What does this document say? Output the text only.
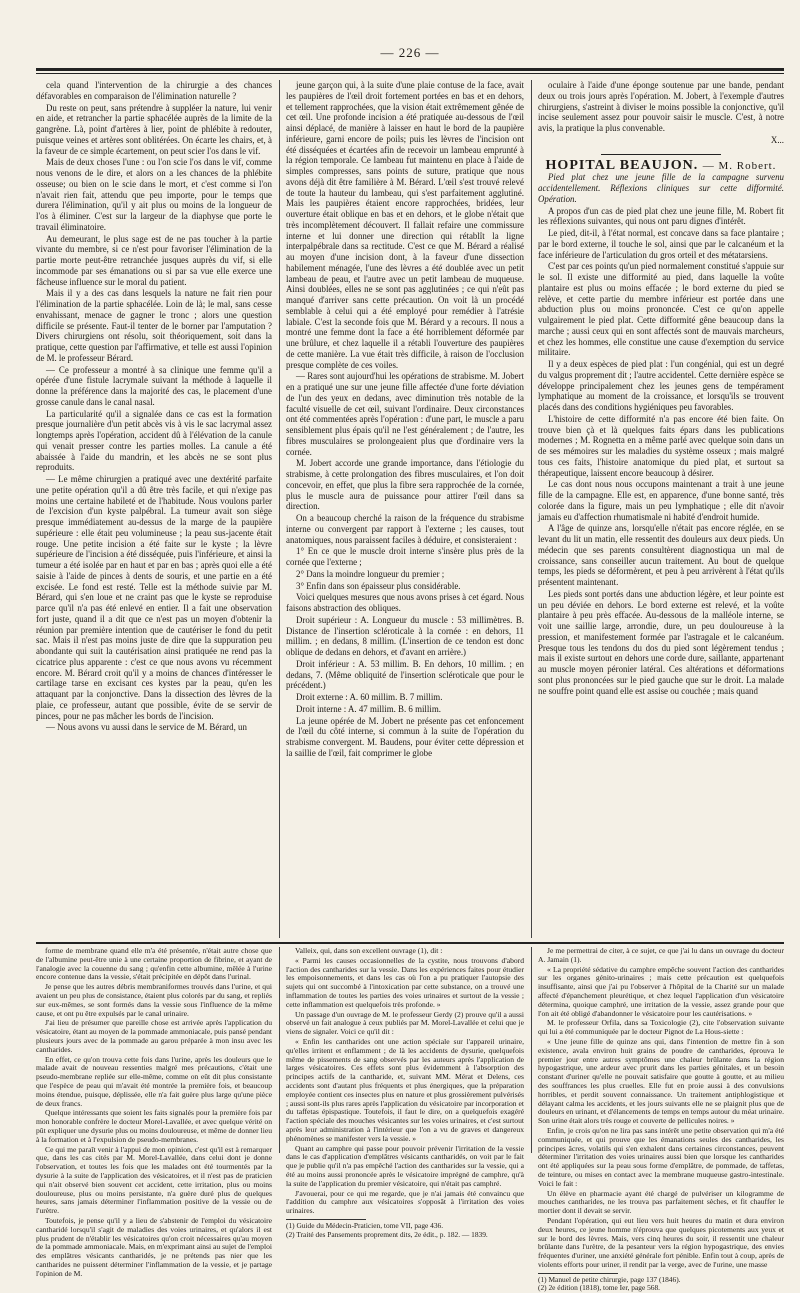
— 226 —

cela quand l'intervention de la chirurgie a des chances défavorables en comparaison de l'élimination naturelle ?

Du reste on peut, sans prétendre à suppléer la nature, lui venir en aide, et retrancher la partie sphacélée auprès de la limite de la gangrène. Là, point d'artères à lier, point de phlébite à redouter, puisque veines et artères sont oblitérées. On écarte les chairs, et, à la faveur de ce simple écartement, on peut scier l'os dans le vif.

Mais de deux choses l'une : ou l'on scie l'os dans le vif, comme nous venons de le dire, et alors on a les chances de la phlébite osseuse; ou bien on le scie dans le mort, et c'est comme si l'on n'avait rien fait, attendu que peu importe, pour le temps que durera l'élimination, qu'il y ait plus ou moins de la longueur de l'os à éliminer. C'est sur la largeur de la diaphyse que porte le travail éliminatoire.

Au demeurant, le plus sage est de ne pas toucher à la partie vivante du membre, si ce n'est pour favoriser l'élimination de la partie morte peut-être retranchée jusques auprès du vif, si elle incommode par ses émanations ou si par sa vue elle exerce une fâcheuse influence sur le moral du patient.

Mais il y a des cas dans lesquels la nature ne fait rien pour l'élimination de la partie sphacélée. Loin de là; le mal, sans cesse envahissant, menace de gagner le tronc ; alors une question difficile se présente. Faut-il tenter de le borner par l'amputation ? Divers chirurgiens ont résolu, soit théoriquement, soit dans la pratique, cette question par l'affirmative, et telle est aussi l'opinion de M. le professeur Bérard.

— Ce professeur a montré à sa clinique une femme qu'il a opérée d'une fistule lacrymale suivant la méthode à laquelle il donne la préférence dans la majorité des cas, le placement d'une grosse canule dans le canal nasal.

La particularité qu'il a signalée dans ce cas est la formation presque journalière d'un petit abcès vis à vis le sac lacrymal assez longtemps après l'opération, accident dû à l'élévation de la canule qui venait presser contre les parties molles. La canule a été abaissée à l'aide du mandrin, et les abcès ne se sont plus reproduits.

— Le même chirurgien a pratiqué avec une dextérité parfaite une petite opération qu'il a dû être très facile, et qui n'exige pas moins une certaine habileté et de l'habitude. Nous voulons parler de l'excision d'un kyste palpébral. La tumeur avait son siège presque immédiatement au-dessus de la marge de la paupière supérieure : elle était peu volumineuse ; la peau sus-jacente était rouge. Une petite incision a été faite sur le kyste ; la lèvre supérieure de l'incision a été disséquée, puis l'inférieure, et ainsi la tumeur a été isolée par en haut et par en bas ; après quoi elle a été saisie à l'aide de pinces à dents de souris, et une partie en a été excisée. Le fond est resté. Telle est la méthode suivie par M. Bérard, qui s'en loue et ne craint pas que le kyste se reproduise parce qu'il n'a pas été enlevé en entier. Il a fait une observation fort juste, quand il a dit que ce n'est pas un moyen d'obtenir la réunion par première intention que de cautériser le fond du petit sac. Mais il n'est pas moins juste de dire que la suppuration peu abondante qui suit la cautérisation ainsi pratiquée ne rend pas la cicatrice plus apparente : c'est ce que nous avons vu récemment encore. M. Bérard croit qu'il y a moins de chances d'intéresser le cartilage tarse en excisant ces kystes par la peau, qu'en les attaquant par la conjonctive. Dans la dissection des lèvres de la plaie, ce professeur, autant que possible, évite de se servir de pinces, pour ne pas mâcher les bords de l'incision.

— Nous avons vu aussi dans le service de M. Bérard, un

jeune garçon qui, à la suite d'une plaie contuse de la face, avait les paupières de l'œil droit fortement portées en bas et en dehors, et tellement rapprochées, que la vision était extrêmement gênée de cet œil. Une profonde incision a été pratiquée au-dessous de l'œil ainsi déplacé, de manière à laisser en haut le bord de la paupière inférieure, garni encore de poils; puis les lèvres de l'incision ont été disséquées et écartées afin de recevoir un lambeau emprunté à la région temporale. Ce lambeau fut maintenu en place à l'aide de simples compresses, sans points de suture, pratique que nous avons déjà dit être familière à M. Bérard. L'œil s'est trouvé relevé de toute la hauteur du lambeau, qui s'est parfaitement agglutiné. Mais les paupières étaient encore rapprochées, bridées, leur ouverture était oblique en bas et en dehors, et le globe n'était que très incomplètement découvert. Il fallait refaire une commissure interne et lui donner une direction qui rétablît la ligne interpalpébrale dans sa rectitude. C'est ce que M. Bérard a réalisé au moyen d'une incision dont, à la faveur d'une dissection habilement ménagée, l'une des lèvres a été doublée avec un petit lambeau de peau, et l'autre avec un petit lambeau de muqueuse. Ainsi doublées, elles ne se sont pas agglutinées ; ce qui n'eût pas manqué d'arriver sans cette précaution. On voit là un procédé semblable à celui qui a été employé pour remédier à l'atrésie labiale. C'est la seconde fois que M. Bérard y a recours. Il nous a montré une femme dont la face a été horriblement déformée par une brûlure, et chez laquelle il a rétabli l'ouverture des paupières de cette manière. La vue était très difficile, à raison de l'occlusion presque complète de ces voiles.

— Rares sont aujourd'hui les opérations de strabisme. M. Jobert en a pratiqué une sur une jeune fille affectée d'une forte déviation de l'un des yeux en dedans, avec diminution très notable de la faculté visuelle de cet œil, suivant l'ordinaire. Deux circonstances ont été commentées après l'opération : d'une part, le muscle a paru sensiblement plus épais qu'il ne l'est généralement ; de l'autre, les fibres musculaires se prolongeaient plus que d'ordinaire vers la cornée.

M. Jobert accorde une grande importance, dans l'étiologie du strabisme, à cette prolongation des fibres musculaires, et l'on doit concevoir, en effet, que plus la fibre sera rapprochée de la cornée, plus le muscle aura de puissance pour attirer l'œil dans sa direction.

On a beaucoup cherché la raison de la fréquence du strabisme interne ou convergent par rapport à l'externe ; les causes, tout anatomiques, nous paraissent faciles à déduire, et consisteraient :

1° En ce que le muscle droit interne s'insère plus près de la cornée que l'externe ;

2° Dans la moindre longueur du premier ;

3° Enfin dans son épaisseur plus considérable.

Voici quelques mesures que nous avons prises à cet égard. Nous faisons abstraction des obliques.

Droit supérieur : A. Longueur du muscle : 53 millimètres. B. Distance de l'insertion scléroticale à la cornée : en dehors, 11 millim. ; en dedans, 8 millim. (L'insertion de ce tendon est donc oblique de dedans en dehors, et d'avant en arrière.)

Droit inférieur : A. 53 millim. B. En dehors, 10 millim. ; en dedans, 7. (Même obliquité de l'insertion scléroticale que pour le précédent.)

Droit externe : A. 60 millim. B. 7 millim.

Droit interne : A. 47 millim. B. 6 millim.

La jeune opérée de M. Jobert ne présente pas cet enfoncement de l'œil du côté interne, si commun à la suite de l'opération du strabisme convergent. M. Baudens, pour éviter cette dépression et la saillie de l'œil, fait comprimer le globe

oculaire à l'aide d'une éponge soutenue par une bande, pendant deux ou trois jours après l'opération. M. Jobert, à l'exemple d'autres chirurgiens, s'astreint à diviser le moins possible la conjonctive, qu'il incise seulement assez pour pouvoir saisir le muscle. C'est, à notre avis, la pratique la plus convenable.

X...

HOPITAL BEAUJON. — M. Robert.

Pied plat chez une jeune fille de la campagne survenu accidentellement. Réflexions cliniques sur cette difformité. Opération.

A propos d'un cas de pied plat chez une jeune fille, M. Robert fit les réflexions suivantes, qui nous ont paru dignes d'intérêt.

Le pied, dit-il, à l'état normal, est concave dans sa face plantaire ; par le bord externe, il touche le sol, ainsi que par le calcanéum et la face inférieure de l'articulation du gros orteil et des métatarsiens.

C'est par ces points qu'un pied normalement constitué s'appuie sur le sol. Il existe une difformité au pied, dans laquelle la voûte plantaire est plus ou moins effacée ; le bord externe du pied se relève, et cette partie du membre inférieur est portée dans une abduction plus ou moins prononcée. C'est ce qu'on appelle vulgairement le pied plat. Cette difformité gêne beaucoup dans la marche ; aussi ceux qui en sont affectés sont de mauvais marcheurs, et chez les hommes, elle constitue une cause d'exemption du service militaire.

Il y a deux espèces de pied plat : l'un congénial, qui est un degré du valgus proprement dit ; l'autre accidentel. Cette dernière espèce se développe principalement chez les jeunes gens de tempérament lymphatique au moment de la croissance, et lorsqu'ils se trouvent placés dans des conditions hygiéniques peu favorables.

L'histoire de cette difformité n'a pas encore été bien faite. On trouve bien çà et là quelques faits épars dans les publications modernes ; M. Rognetta en a même parlé avec quelque soin dans un de ses mémoires sur les maladies du système osseux ; mais malgré tous ces faits, l'histoire anatomique du pied plat, et surtout sa thérapeutique, laissent encore beaucoup à désirer.

Le cas dont nous nous occupons maintenant a trait à une jeune fille de la campagne. Elle est, en apparence, d'une bonne santé, très colorée dans la figure, mais un peu lymphatique ; elle dit n'avoir jamais eu d'affection rhumatismale ni habité d'endroit humide.

A l'âge de quinze ans, lorsqu'elle n'était pas encore réglée, en se levant du lit un matin, elle ressentit des douleurs aux deux pieds. Un médecin que ses parents consultèrent diagnostiqua un mal de croissance, sans conseiller aucun traitement. Au bout de quelque temps, les pieds se déformèrent, et peu à peu arrivèrent à l'état qu'ils présentent maintenant.

Les pieds sont portés dans une abduction légère, et leur pointe est un peu déviée en dehors. Le bord externe est relevé, et la voûte plantaire à peu près effacée. Au-dessous de la malléole interne, se voit une saillie large, arrondie, dure, un peu douloureuse à la pression, et manifestement formée par l'astragale et le calcanéum. Presque tous les tendons du dos du pied sont légèrement tendus ; mais il existe surtout en dehors une corde dure, saillante, appartenant au muscle moyen péronier latéral. Ces altérations et déformations sont plus prononcées sur le pied gauche que sur le droit. La malade ne souffre point quand elle est assise ou couchée ; mais quand

forme de membrane quand elle m'a été présentée, n'était autre chose que de l'albumine peut-être unie à une certaine proportion de fibrine, et ayant de l'analogie avec la couenne du sang ; qu'enfin cette albumine, mêlée à l'urine encore contenue dans la vessie, s'était précipitée en dépôt dans l'urinal.

Je pense que les autres débris membraniformes trouvés dans l'urine, et qui avaient un peu plus de consistance, étaient plus colorés par du sang, et repliés sur eux-mêmes, se sont formés dans la vessie sous l'influence de la même cause, et ont pu être expulsés par le canal urinaire.

J'ai lieu de présumer que pareille chose est arrivée après l'application du vésicatoire, étant au moyen de la pommade ammoniacale, puis pansé pendant plusieurs jours avec de la pommade au garou préparée à mon insu avec les cantharides.

En effet, ce qu'on trouva cette fois dans l'urine, après les douleurs que le malade avait de nouveau ressenties malgré mes précautions, c'était une pseudo-membrane repliée sur elle-même, comme on eût dit plus consistante que l'espèce de peau qui m'avait été montrée la première fois, et beaucoup moins étendue, puisque, déplissée, elle n'a fait guère plus large qu'une pièce de deux francs.

Quelque intéressants que soient les faits signalés pour la première fois par mon honorable confrère le docteur Morel-Lavallée, et avec quelque vérité on pût expliquer une dysurie plus ou moins douloureuse, et même de donner lieu à la formation et à l'expulsion de pseudo-membranes.

Ce qui me paraît venir à l'appui de mon opinion, c'est qu'il est à remarquer que, dans les cas cités par M. Morel-Lavallée, dans celui dont je donne l'observation, et toutes les fois que les malades ont été tourmentés par la dysurie à la suite de l'application des vésicatoires, et il n'est pas de praticien qui n'ait observé bien souvent cet accident, cette irritation, plus ou moins douloureuse, plus ou moins persistante, n'a guère duré plus de quelques heures, sans jamais déterminer l'inflammation positive de la vessie ou de l'urètre.

Toutefois, je pense qu'il y a lieu de s'abstenir de l'emploi du vésicatoire cantharidé lorsqu'il s'agit de maladies des voies urinaires, et qu'alors il est plus prudent de n'établir les vésicatoires qu'on croit nécessaires qu'au moyen de la pommade ammoniacale. Mais, en m'exprimant ainsi au sujet de l'emploi des emplâtres vésicants cantharidés, je ne prétends pas nier que les cantharides ne puissent déterminer l'inflammation de la vessie, et je partage l'opinion de M.

Valleix, qui, dans son excellent ouvrage (1), dit :

« Parmi les causes occasionnelles de la cystite, nous trouvons d'abord l'action des cantharides sur la vessie. Dans les expériences faites pour étudier les empoisonnements, et dans les cas où l'on a pu pratiquer l'autopsie des sujets qui ont succombé à l'intoxication par cette substance, on a trouvé une inflammation de toutes les parties des voies urinaires et surtout de la vessie ; cette inflammation est quelquefois très profonde. »

Un passage d'un ouvrage de M. le professeur Gerdy (2) prouve qu'il a aussi observé un fait analogue à ceux publiés par M. Morel-Lavallée et celui que je viens de signaler. Voici ce qu'il dit :

« Enfin les cantharides ont une action spéciale sur l'appareil urinaire, qu'elles irritent et enflamment ; de là les accidents de dysurie, quelquefois même de pissements de sang observés par les auteurs après l'application de larges vésicatoires. Ces effets sont plus évidemment à l'absorption des principes actifs de la cantharide, et, suivant MM. Mérat et Delens, ces accidents sont d'autant plus fréquents et plus énergiques, que la préparation employée contient ces insectes plus en nature et plus grossièrement pulvérisés ; aussi sont-ils plus rares après l'application du vésicatoire par incorporation et du taffetas épispastique. Toutefois, il faut le dire, on a quelquefois exagéré l'action spéciale des mouches vésicantes sur les voies urinaires, et c'est surtout après leur administration à l'intérieur que l'on a vu de graves et dangereux phénomènes se manifester vers la vessie. »

Quant au camphre qui passe pour pouvoir prévenir l'irritation de la vessie dans le cas d'application d'emplâtres vésicants cantharidés, on voit par le fait que je publie qu'il n'a pas empêché l'action des cantharides sur la vessie, qui a été au moins aussi prononcée après le vésicatoire imprégné de camphre, qu'à la suite de l'application du premier vésicatoire, qui n'était pas camphré.

J'avouerai, pour ce qui me regarde, que je n'ai jamais été convaincu que l'addition du camphre aux vésicatoires s'opposât à l'irritation des voies urinaires.

(1) Guide du Médecin-Praticien, tome VII, page 436.

(2) Traité des Pansements proprement dits, 2e édit., p. 182. — 1839.

Je me permettrai de citer, à ce sujet, ce que j'ai lu dans un ouvrage du docteur A. Jamain (1).

« La propriété sédative du camphre empêche souvent l'action des cantharides sur les organes génito-urinaires ; mais cette précaution est quelquefois insuffisante, ainsi que j'ai pu l'observer à l'hôpital de la Charité sur un malade affecté d'épanchement pleurétique, et chez lequel l'application d'un vésicatoire détermina, quoique camphré, une irritation de la vessie, assez grande pour que l'on ait été obligé d'abandonner le vésicatoire pour les cautérisations. »

M. le professeur Orfila, dans sa Toxicologie (2), cite l'observation suivante qui lui a été communiquée par le docteur Pignot de La Hous-siette :

« Une jeune fille de quinze ans qui, dans l'intention de mettre fin à son existence, avala environ huit grains de poudre de cantharides, éprouva le premier jour entre autres symptômes une chaleur brûlante dans la région hypogastrique, une ardeur avec prurit dans les parties génitales, et un besoin constant d'uriner qu'elle ne pouvait satisfaire que goutte à goutte, et au milieu des souffrances les plus cruelles. Elle fut en proie aussi à des convulsions horribles, et perdit souvent connaissance. Un traitement antiphlogistique et délayant calma les accidents, et les jours suivants elle ne se plaignit plus que de douleurs en urinant, et d'élancements de temps en temps autour du méat urinaire. Son urine était alors très rouge et couverte de pellicules noires. »

Enfin, je crois qu'on ne lira pas sans intérêt une petite observation qui m'a été communiquée, et qui prouve que les émanations seules des cantharides, les principes âcres, volatils qui s'en exhalent dans certaines circonstances, peuvent déterminer l'irritation des voies urinaires aussi bien que lorsque les cantharides ont été appliquées sur la peau sous forme d'emplâtre, de pommade, de taffetas, de teinture, ou mises en contact avec la membrane muqueuse gastro-intestinale. Voici le fait :

Un élève en pharmacie ayant été chargé de pulvériser un kilogramme de mouches cantharides, ne les trouva pas parfaitement sèches, et fit chauffer le mortier dont il devait se servir.

Pendant l'opération, qui eut lieu vers huit heures du matin et dura environ deux heures, ce jeune homme n'éprouva que quelques picotements aux yeux et sur le bord des lèvres. Mais, vers cinq heures du soir, il ressentit une chaleur brûlante dans l'urètre, de la pesanteur vers la région hypogastrique, des envies fréquentes d'uriner, une anxiété générale fort pénible. Enfin tout à coup, après de violents efforts pour uriner, il rendit par la verge, avec de l'urine, une masse

(1) Manuel de petite chirurgie, page 137 (1846).

(2) 2e édition (1818), tome Ier, page 568.
